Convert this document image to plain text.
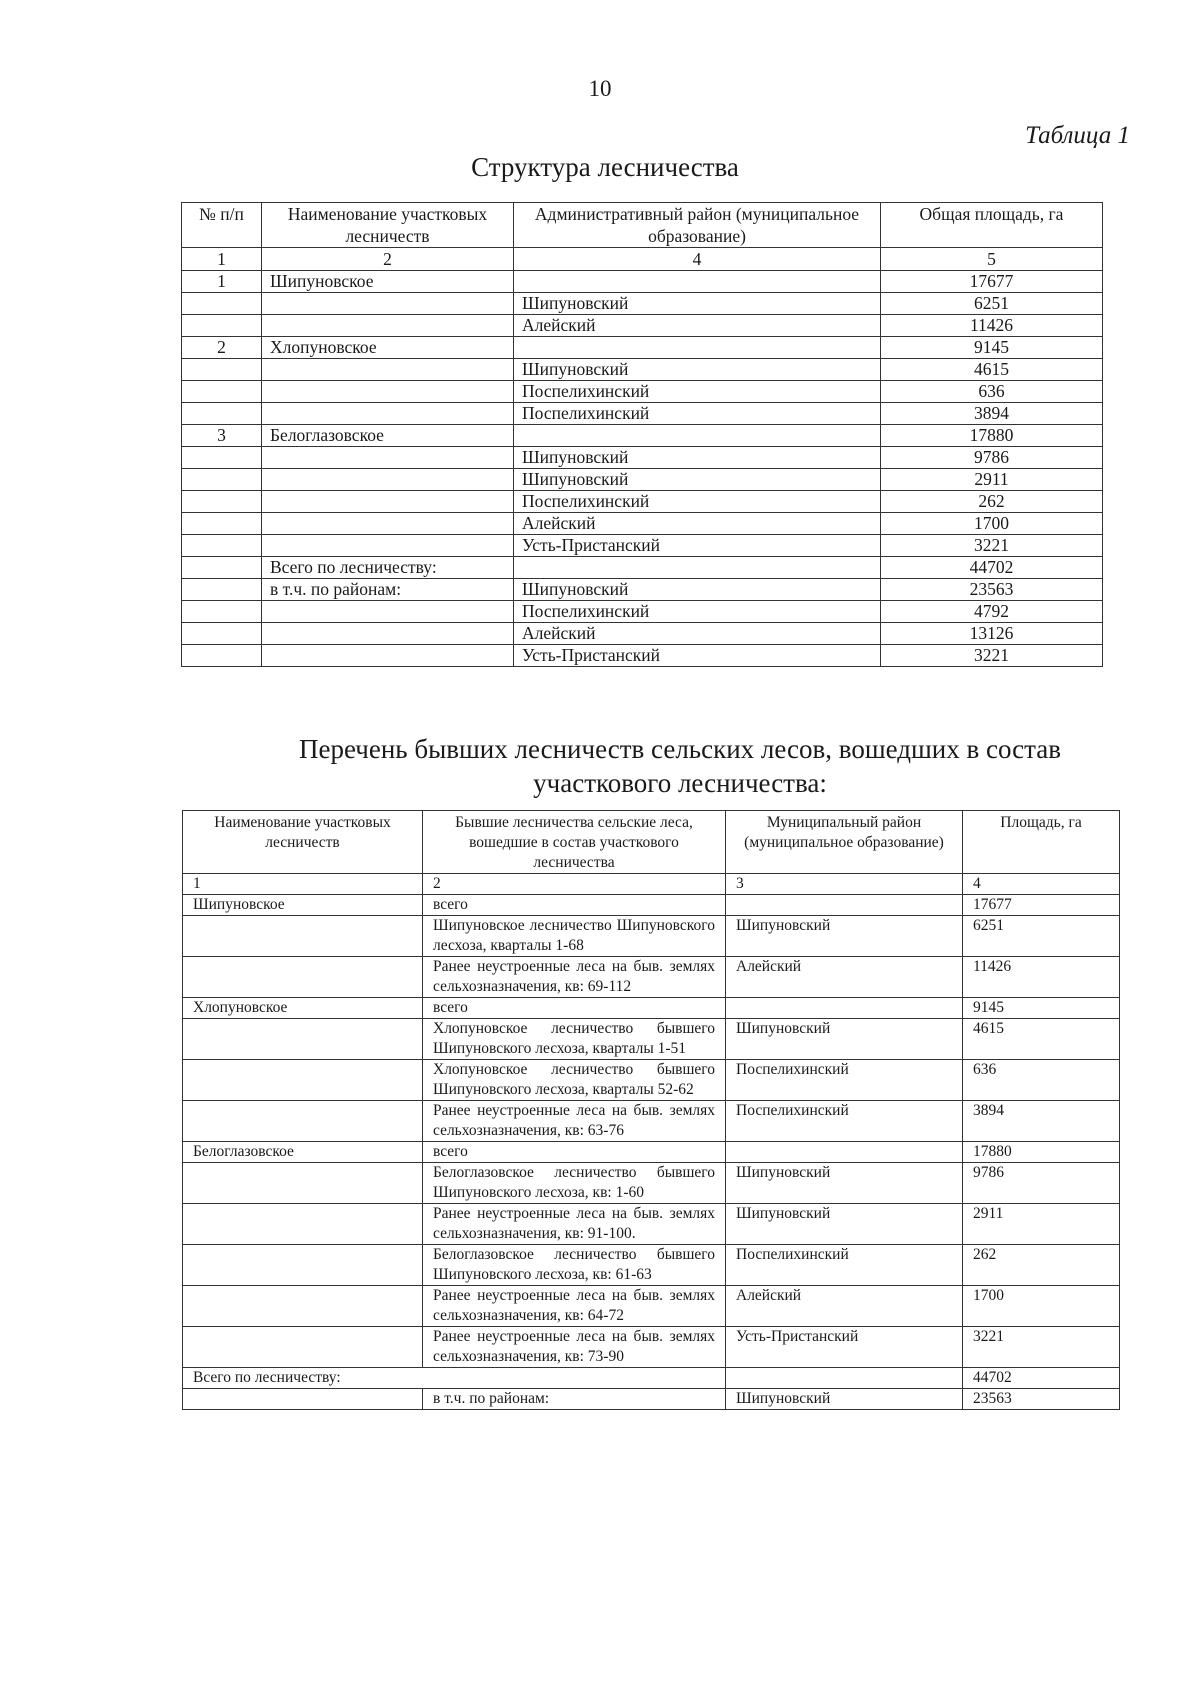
10
Таблица 1
Структура лесничества
№ п/п	Наименование участковых лесничеств	Административный район (муниципальное образование)	Общая площадь, га
1	2	4	5
1	Шипуновское		17677
		Шипуновский	6251
		Алейский	11426
2	Хлопуновское		9145
		Шипуновский	4615
		Поспелихинский	636
		Поспелихинский	3894
3	Белоглазовское		17880
		Шипуновский	9786
		Шипуновский	2911
		Поспелихинский	262
		Алейский	1700
		Усть-Пристанский	3221
	Всего по лесничеству:		44702
	в т.ч. по районам:	Шипуновский	23563
		Поспелихинский	4792
		Алейский	13126
		Усть-Пристанский	3221
Перечень бывших лесничеств сельских лесов, вошедших в состав участкового лесничества:
Наименование участковых лесничеств	Бывшие лесничества сельские леса, вошедшие в состав участкового лесничества	Муниципальный район (муниципальное образование)	Площадь, га
1	2	3	4
Шипуновское	всего		17677
	Шипуновское лесничество Шипуновского лесхоза, кварталы 1-68	Шипуновский	6251
	Ранее неустроенные леса на быв. землях сельхозназначения, кв: 69-112	Алейский	11426
Хлопуновское	всего		9145
	Хлопуновское лесничество бывшего Шипуновского лесхоза, кварталы 1-51	Шипуновский	4615
	Хлопуновское лесничество бывшего Шипуновского лесхоза, кварталы 52-62	Поспелихинский	636
	Ранее неустроенные леса на быв. землях сельхозназначения, кв: 63-76	Поспелихинский	3894
Белоглазовское	всего		17880
	Белоглазовское лесничество бывшего Шипуновского лесхоза, кв: 1-60	Шипуновский	9786
	Ранее неустроенные леса на быв. землях сельхозназначения, кв: 91-100.	Шипуновский	2911
	Белоглазовское лесничество бывшего Шипуновского лесхоза, кв: 61-63	Поспелихинский	262
	Ранее неустроенные леса на быв. землях сельхозназначения, кв: 64-72	Алейский	1700
	Ранее неустроенные леса на быв. землях сельхозназначения, кв: 73-90	Усть-Пристанский	3221
Всего по лесничеству:			44702
	в т.ч. по районам:	Шипуновский	23563
